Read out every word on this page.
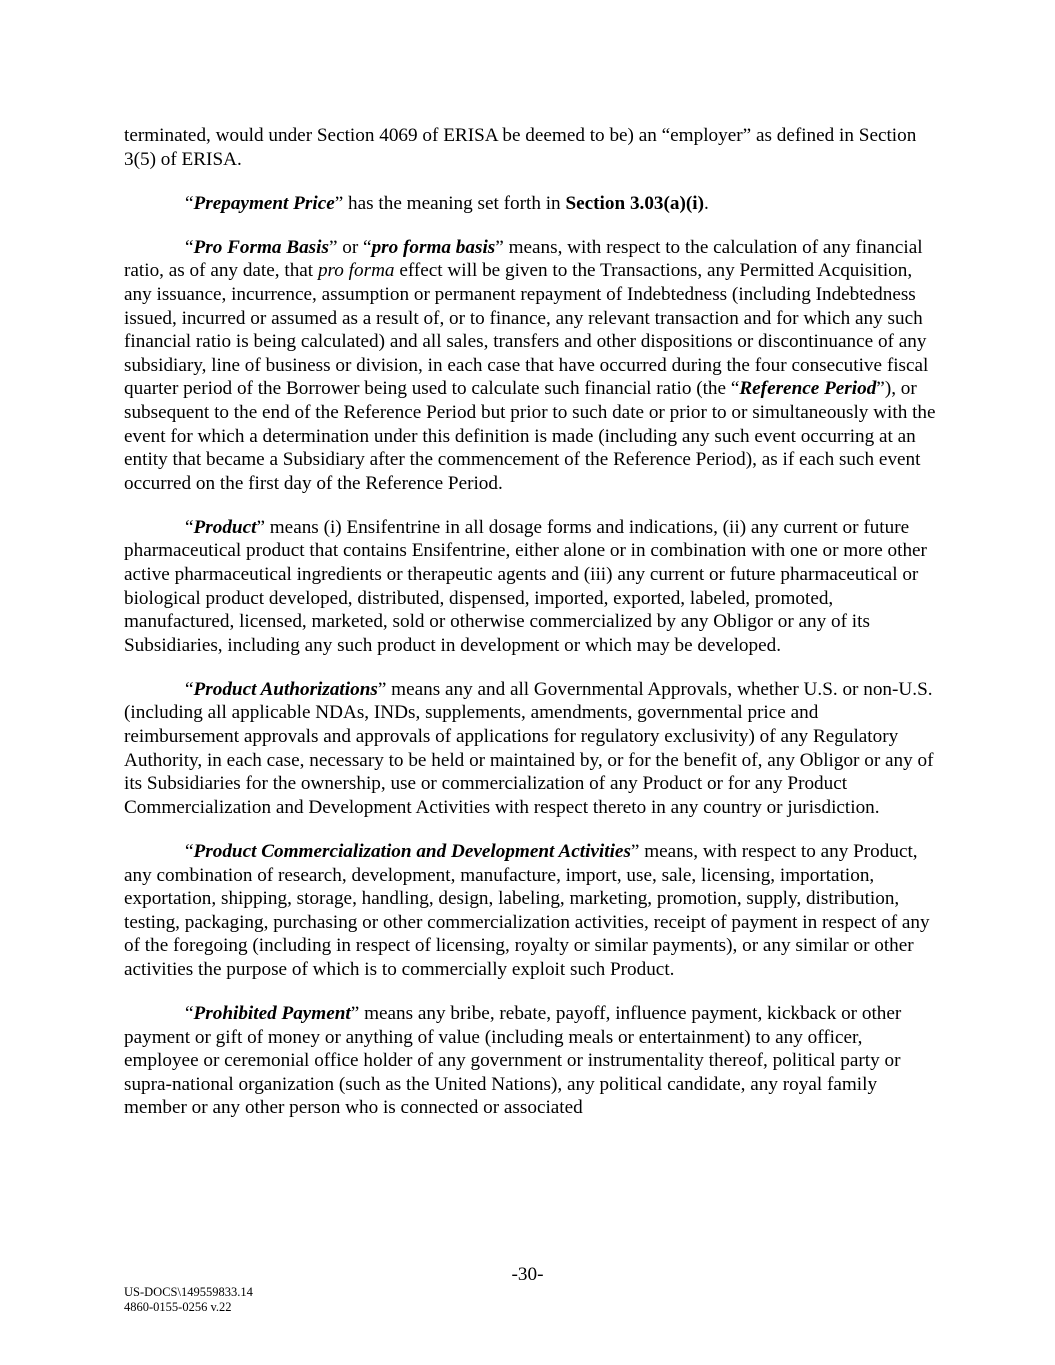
terminated, would under Section 4069 of ERISA be deemed to be) an “employer” as defined in Section 3(5) of ERISA.

“Prepayment Price” has the meaning set forth in Section 3.03(a)(i).

“Pro Forma Basis” or “pro forma basis” means, with respect to the calculation of any financial ratio, as of any date, that pro forma effect will be given to the Transactions, any Permitted Acquisition, any issuance, incurrence, assumption or permanent repayment of Indebtedness (including Indebtedness issued, incurred or assumed as a result of, or to finance, any relevant transaction and for which any such financial ratio is being calculated) and all sales, transfers and other dispositions or discontinuance of any subsidiary, line of business or division, in each case that have occurred during the four consecutive fiscal quarter period of the Borrower being used to calculate such financial ratio (the “Reference Period”), or subsequent to the end of the Reference Period but prior to such date or prior to or simultaneously with the event for which a determination under this definition is made (including any such event occurring at an entity that became a Subsidiary after the commencement of the Reference Period), as if each such event occurred on the first day of the Reference Period.

“Product” means (i) Ensifentrine in all dosage forms and indications, (ii) any current or future pharmaceutical product that contains Ensifentrine, either alone or in combination with one or more other active pharmaceutical ingredients or therapeutic agents and (iii) any current or future pharmaceutical or biological product developed, distributed, dispensed, imported, exported, labeled, promoted, manufactured, licensed, marketed, sold or otherwise commercialized by any Obligor or any of its Subsidiaries, including any such product in development or which may be developed.

“Product Authorizations” means any and all Governmental Approvals, whether U.S. or non-U.S. (including all applicable NDAs, INDs, supplements, amendments, governmental price and reimbursement approvals and approvals of applications for regulatory exclusivity) of any Regulatory Authority, in each case, necessary to be held or maintained by, or for the benefit of, any Obligor or any of its Subsidiaries for the ownership, use or commercialization of any Product or for any Product Commercialization and Development Activities with respect thereto in any country or jurisdiction.

“Product Commercialization and Development Activities” means, with respect to any Product, any combination of research, development, manufacture, import, use, sale, licensing, importation, exportation, shipping, storage, handling, design, labeling, marketing, promotion, supply, distribution, testing, packaging, purchasing or other commercialization activities, receipt of payment in respect of any of the foregoing (including in respect of licensing, royalty or similar payments), or any similar or other activities the purpose of which is to commercially exploit such Product.

“Prohibited Payment” means any bribe, rebate, payoff, influence payment, kickback or other payment or gift of money or anything of value (including meals or entertainment) to any officer, employee or ceremonial office holder of any government or instrumentality thereof, political party or supra-national organization (such as the United Nations), any political candidate, any royal family member or any other person who is connected or associated

-30-
US-DOCS\149559833.14
4860-0155-0256 v.22
